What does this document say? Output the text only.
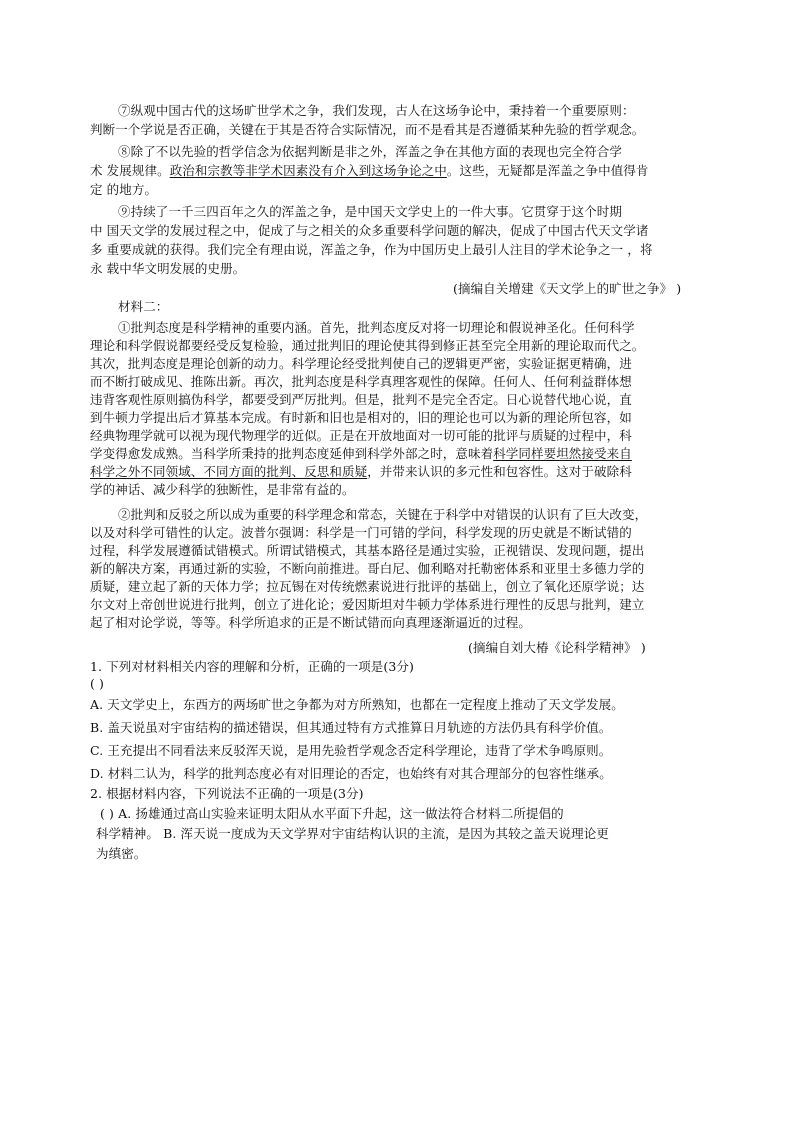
⑦纵观中国古代的这场旷世学术之争，我们发现，古人在这场争论中，秉持着一个重要原则：
判断一个学说是否正确，关键在于其是否符合实际情况，而不是看其是否遵循某种先验的哲学观念。
⑧除了不以先验的哲学信念为依据判断是非之外，浑盖之争在其他方面的表现也完全符合学
术 发展规律。政治和宗教等非学术因素没有介入到这场争论之中。这些，无疑都是浑盖之争中值得肯
定 的地方。
⑨持续了一千三四百年之久的浑盖之争，是中国天文学史上的一件大事。它贯穿于这个时期
中 国天文学的发展过程之中，促成了与之相关的众多重要科学问题的解决，促成了中国古代天文学诸
多 重要成就的获得。我们完全有理由说，浑盖之争，作为中国历史上最引人注目的学术论争之一 ，将
永 载中华文明发展的史册。
(摘编自关增建《天文学上的旷世之争》 )
材料二：
①批判态度是科学精神的重要内涵。首先，批判态度反对将一切理论和假说神圣化。任何科学
理论和科学假说都要经受反复检验，通过批判旧的理论使其得到修正甚至完全用新的理论取而代之。
其次，批判态度是理论创新的动力。科学理论经受批判使自己的逻辑更严密，实验证据更精确，进
而不断打破成见、推陈出新。再次，批判态度是科学真理客观性的保障。任何人、任何利益群体想
违背客观性原则搞伪科学，都要受到严厉批判。但是，批判不是完全否定。日心说替代地心说，直
到牛顿力学提出后才算基本完成。有时新和旧也是相对的，旧的理论也可以为新的理论所包容，如
经典物理学就可以视为现代物理学的近似。正是在开放地面对一切可能的批评与质疑的过程中，科
学变得愈发成熟。当科学所秉持的批判态度延伸到科学外部之时，意味着科学同样要坦然接受来自
科学之外不同领域、不同方面的批判、反思和质疑，并带来认识的多元性和包容性。这对于破除科
学的神话、减少科学的独断性，是非常有益的。
②批判和反驳之所以成为重要的科学理念和常态，关键在于科学中对错误的认识有了巨大改变，
以及对科学可错性的认定。波普尔强调：科学是一门可错的学问，科学发现的历史就是不断试错的
过程，科学发展遵循试错模式。所谓试错模式，其基本路径是通过实验，正视错误、发现问题，提出
新的解决方案，再通过新的实验，不断向前推进。哥白尼、伽利略对托勒密体系和亚里士多德力学的
质疑，建立起了新的天体力学；拉瓦锡在对传统燃素说进行批评的基础上，创立了氧化还原学说；达
尔文对上帝创世说进行批判，创立了进化论；爱因斯坦对牛顿力学体系进行理性的反思与批判，建立
起了相对论学说，等等。科学所追求的正是不断试错而向真理逐渐逼近的过程。
(摘编自刘大椿《论科学精神》 )
1. 下列对材料相关内容的理解和分析，正确的一项是(3分)
( )
A. 天文学史上，东西方的两场旷世之争都为对方所熟知，也都在一定程度上推动了天文学发展。
B. 盖天说虽对宇宙结构的描述错误，但其通过特有方式推算日月轨迹的方法仍具有科学价值。
C. 王充提出不同看法来反驳浑天说，是用先验哲学观念否定科学理论，违背了学术争鸣原则。
D. 材料二认为，科学的批判态度必有对旧理论的否定，也始终有对其合理部分的包容性继承。
2. 根据材料内容，下列说法不正确的一项是(3分)
( ) A. 扬雄通过高山实验来证明太阳从水平面下升起，这一做法符合材料二所提倡的
科学精神。 B. 浑天说一度成为天文学界对宇宙结构认识的主流，是因为其较之盖天说理论更
为缜密。
